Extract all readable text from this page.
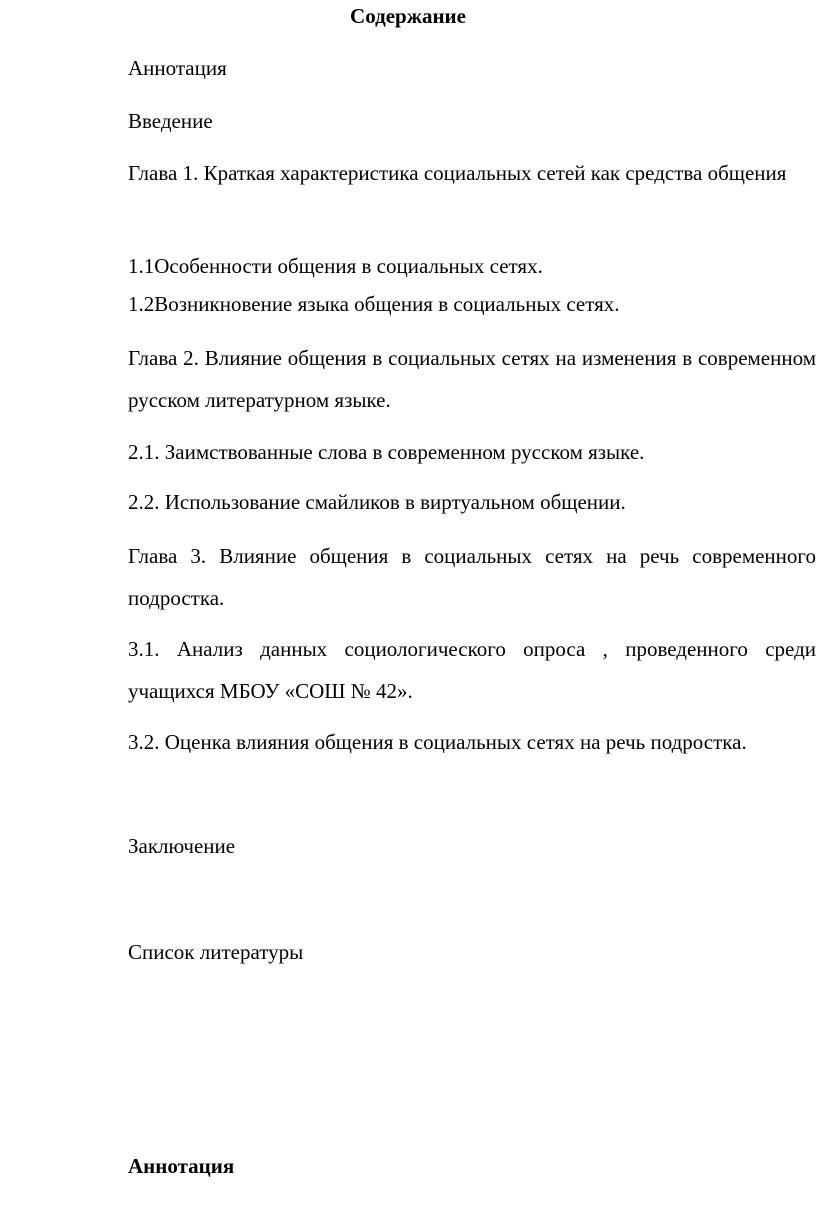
Содержание
Аннотация
Введение
Глава 1. Краткая характеристика социальных сетей как средства общения
1.1Особенности общения в социальных сетях.
1.2Возникновение языка общения в социальных сетях.
Глава 2. Влияние общения в социальных сетях на изменения в современном русском литературном языке.
2.1. Заимствованные слова в современном русском языке.
2.2. Использование смайликов в виртуальном общении.
Глава 3. Влияние общения в социальных сетях на речь современного подростка.
3.1. Анализ данных социологического опроса , проведенного среди учащихся МБОУ «СОШ № 42».
3.2. Оценка влияния общения в социальных сетях на речь подростка.
Заключение
Список литературы
Аннотация
